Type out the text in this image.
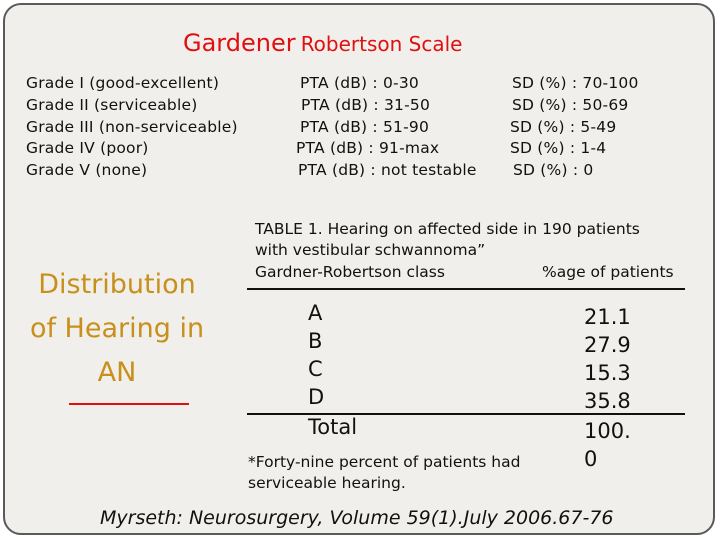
Gardener Robertson Scale
Grade I (good-excellent)	PTA (dB) : 0-30	SD (%) : 70-100
Grade II (serviceable)	PTA (dB) : 31-50	SD (%) : 50-69
Grade III (non-serviceable)	PTA (dB) : 51-90	SD (%) : 5-49
Grade IV (poor)	PTA (dB) : 91-max	SD (%) : 1-4
Grade V (none)	PTA (dB) : not testable SD (%) : 0
Distribution
of Hearing in
AN
TABLE 1. Hearing on affected side in 190 patients
with vestibular schwannoma”
Gardner-Robertson class	%age of patients
A	21.1
B	27.9
C	15.3
D	35.8
Total	100.
0
*Forty-nine percent of patients had
serviceable hearing.
Myrseth: Neurosurgery, Volume 59(1).July 2006.67-76
